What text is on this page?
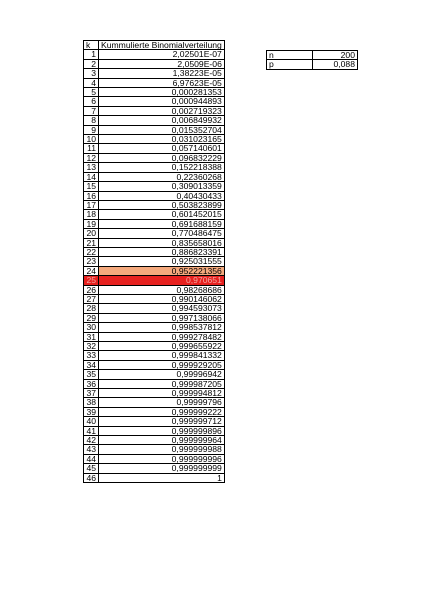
k	Kummulierte Binomialverteilung
1	2,02501E-07
2	2,0509E-06
3	1,38223E-05
4	6,97623E-05
5	0,000281353
6	0,000944893
7	0,002719323
8	0,006849932
9	0,015352704
10	0,031023165
11	0,057140601
12	0,096832229
13	0,152218388
14	0,22360268
15	0,309013359
16	0,40430433
17	0,503823899
18	0,601452015
19	0,691688159
20	0,770486475
21	0,835658016
22	0,886823391
23	0,925031555
24	0,952221356
25	0,970651
26	0,98268686
27	0,990146062
28	0,994593073
29	0,997138066
30	0,998537812
31	0,999278482
32	0,999655922
33	0,999841332
34	0,999929205
35	0,99996942
36	0,999987205
37	0,999994812
38	0,99999796
39	0,999999222
40	0,999999712
41	0,999999896
42	0,999999964
43	0,999999988
44	0,999999996
45	0,999999999
46	1
n	200
p	0,088
